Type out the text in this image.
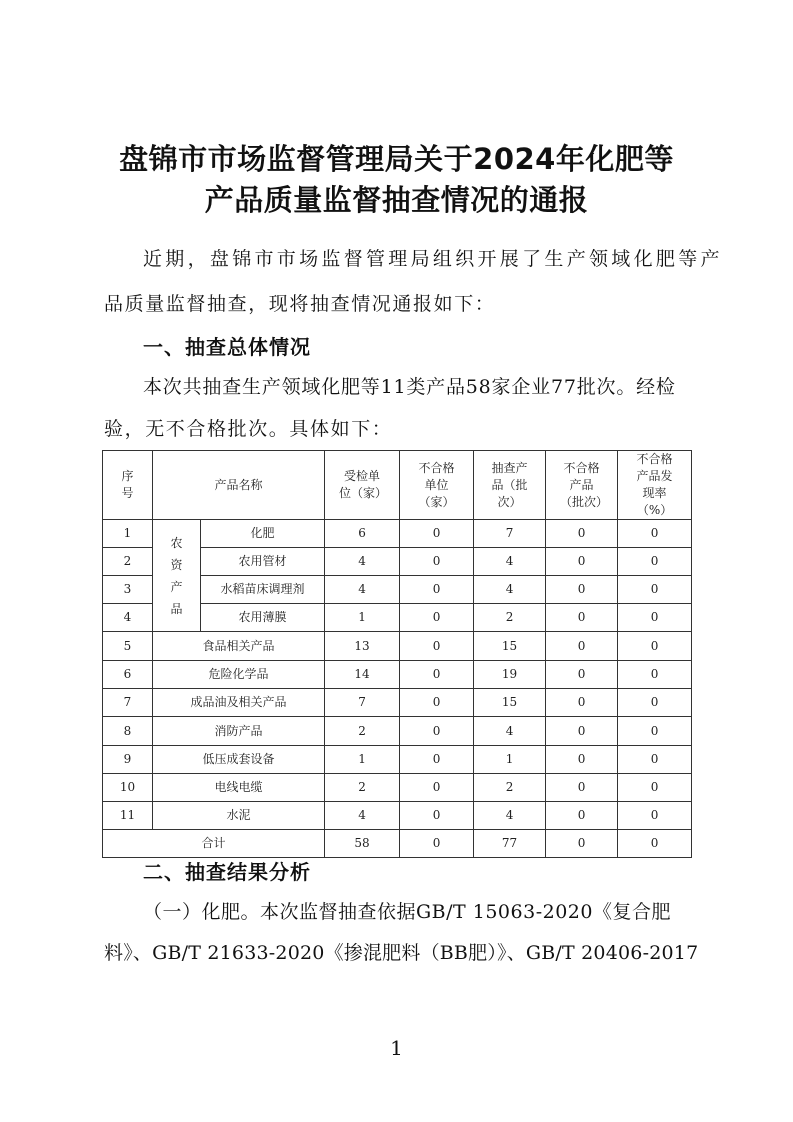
盘锦市市场监督管理局关于2024年化肥等
产品质量监督抽查情况的通报
近期，盘锦市市场监督管理局组织开展了生产领域化肥等产
品质量监督抽查，现将抽查情况通报如下：
一、抽查总体情况
本次共抽查生产领域化肥等11类产品58家企业77批次。经检
验，无不合格批次。具体如下：
序号	产品名称		受检单位（家）	不合格单位（家）	抽查产品（批次）	不合格产品（批次）	不合格产品发现率（%）
1	农资产品	化肥	6	0	7	0	0
2		农用管材	4	0	4	0	0
3		水稻苗床调理剂	4	0	4	0	0
4		农用薄膜	1	0	2	0	0
5	食品相关产品		13	0	15	0	0
6	危险化学品		14	0	19	0	0
7	成品油及相关产品		7	0	15	0	0
8	消防产品		2	0	4	0	0
9	低压成套设备		1	0	1	0	0
10	电线电缆		2	0	2	0	0
11	水泥		4	0	4	0	0
合计			58	0	77	0	0
二、抽查结果分析
（一）化肥。本次监督抽查依据GB/T 15063-2020《复合肥
料》、GB/T 21633-2020《掺混肥料（BB肥）》、GB/T 20406-2017
1
